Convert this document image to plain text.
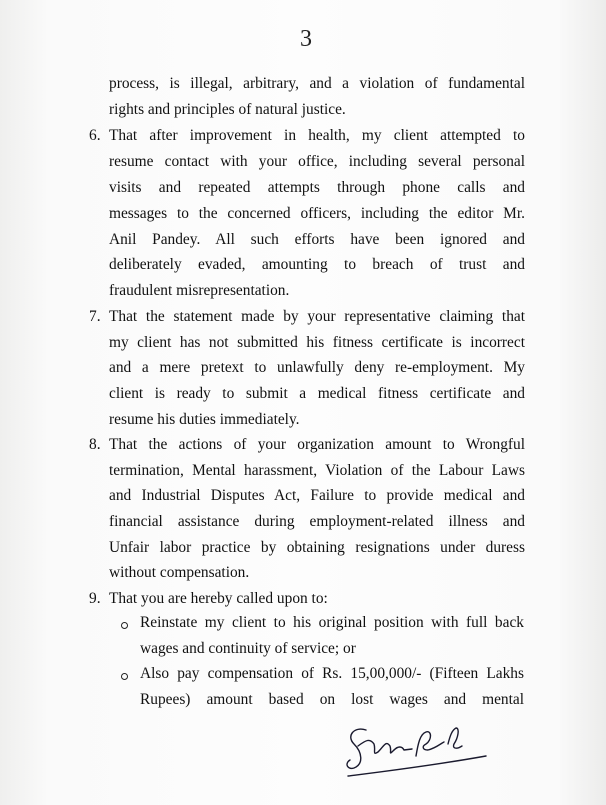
3
process, is illegal, arbitrary, and a violation of fundamental
rights and principles of natural justice.
6. That after improvement in health, my client attempted to
resume contact with your office, including several personal
visits and repeated attempts through phone calls and
messages to the concerned officers, including the editor Mr.
Anil Pandey. All such efforts have been ignored and
deliberately evaded, amounting to breach of trust and
fraudulent misrepresentation.
7. That the statement made by your representative claiming that
my client has not submitted his fitness certificate is incorrect
and a mere pretext to unlawfully deny re-employment. My
client is ready to submit a medical fitness certificate and
resume his duties immediately.
8. That the actions of your organization amount to Wrongful
termination, Mental harassment, Violation of the Labour Laws
and Industrial Disputes Act, Failure to provide medical and
financial assistance during employment-related illness and
Unfair labor practice by obtaining resignations under duress
without compensation.
9. That you are hereby called upon to:
Reinstate my client to his original position with full back
wages and continuity of service; or
Also pay compensation of Rs. 15,00,000/- (Fifteen Lakhs
Rupees) amount based on lost wages and mental
